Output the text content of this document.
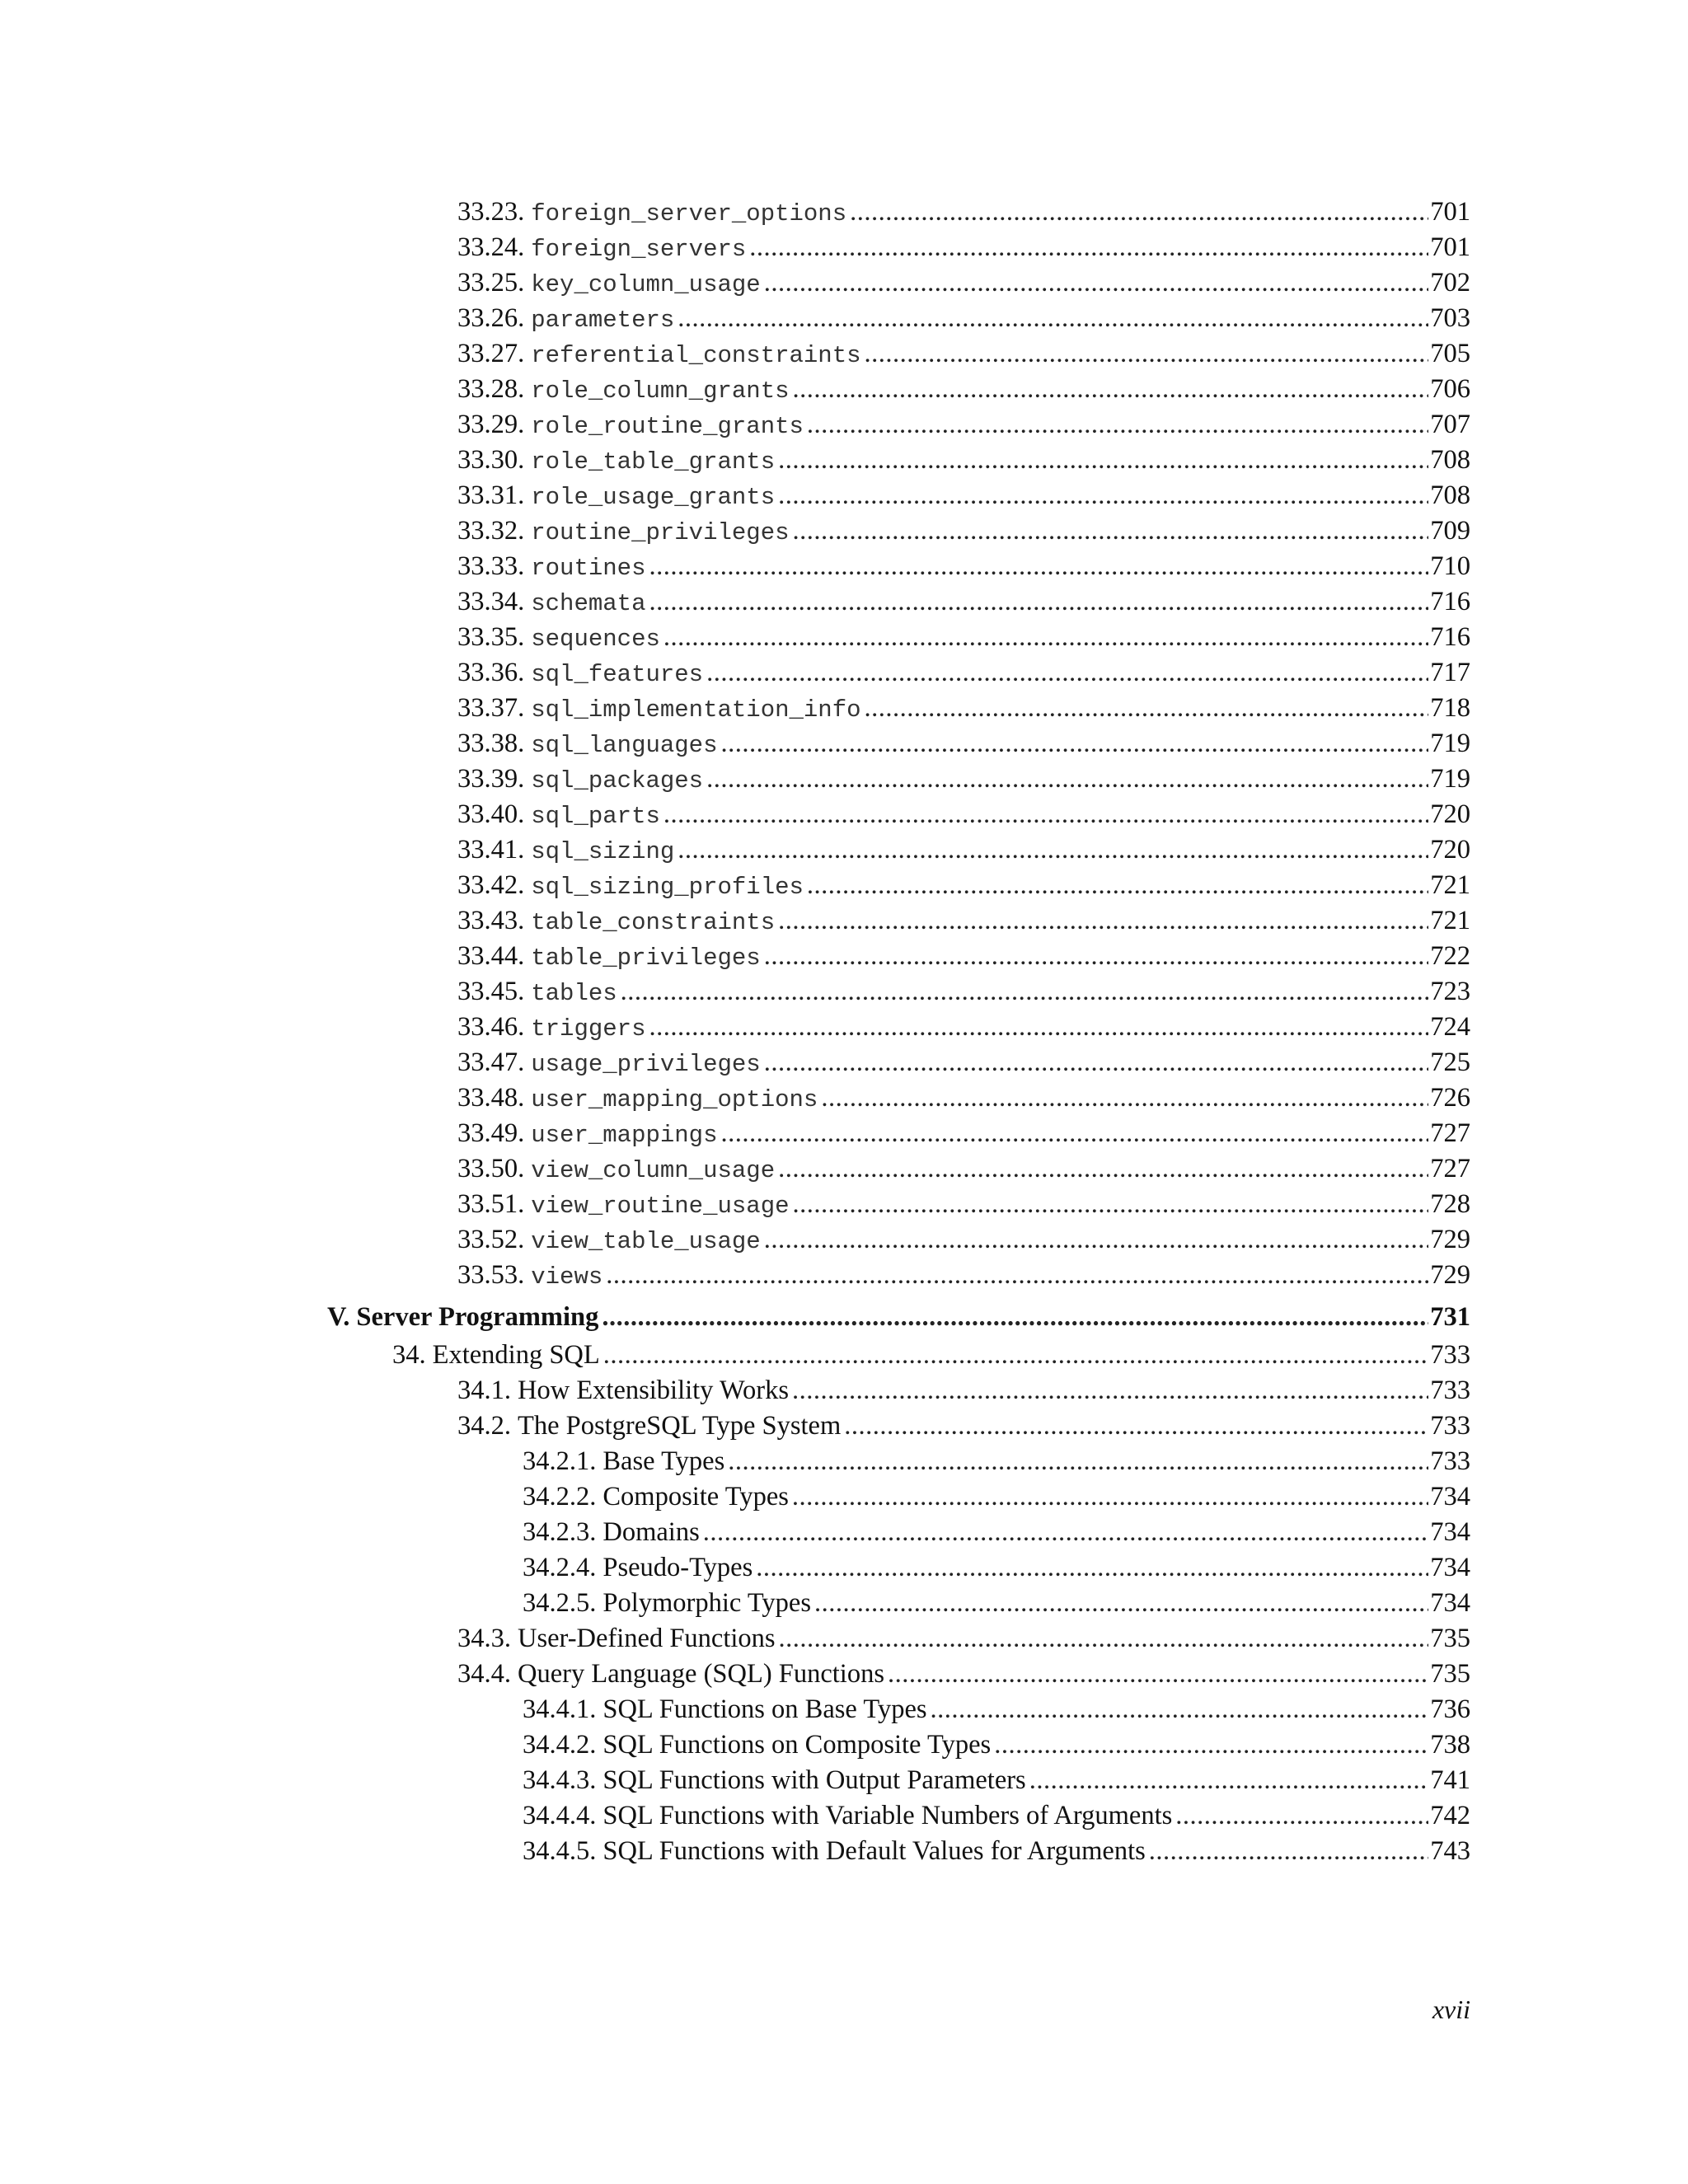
33.23. foreign_server_options .....	701
33.24. foreign_servers .....	701
33.25. key_column_usage .....	702
33.26. parameters .....	703
33.27. referential_constraints .....	705
33.28. role_column_grants .....	706
33.29. role_routine_grants .....	707
33.30. role_table_grants .....	708
33.31. role_usage_grants .....	708
33.32. routine_privileges .....	709
33.33. routines .....	710
33.34. schemata .....	716
33.35. sequences .....	716
33.36. sql_features .....	717
33.37. sql_implementation_info .....	718
33.38. sql_languages .....	719
33.39. sql_packages .....	719
33.40. sql_parts .....	720
33.41. sql_sizing .....	720
33.42. sql_sizing_profiles .....	721
33.43. table_constraints .....	721
33.44. table_privileges .....	722
33.45. tables .....	723
33.46. triggers .....	724
33.47. usage_privileges .....	725
33.48. user_mapping_options .....	726
33.49. user_mappings .....	727
33.50. view_column_usage .....	727
33.51. view_routine_usage .....	728
33.52. view_table_usage .....	729
33.53. views .....	729
V. Server Programming .....	731
34. Extending SQL .....	733
34.1. How Extensibility Works .....	733
34.2. The PostgreSQL Type System .....	733
34.2.1. Base Types .....	733
34.2.2. Composite Types .....	734
34.2.3. Domains .....	734
34.2.4. Pseudo-Types .....	734
34.2.5. Polymorphic Types .....	734
34.3. User-Defined Functions .....	735
34.4. Query Language (SQL) Functions .....	735
34.4.1. SQL Functions on Base Types .....	736
34.4.2. SQL Functions on Composite Types .....	738
34.4.3. SQL Functions with Output Parameters .....	741
34.4.4. SQL Functions with Variable Numbers of Arguments .....	742
34.4.5. SQL Functions with Default Values for Arguments .....	743
xvii
